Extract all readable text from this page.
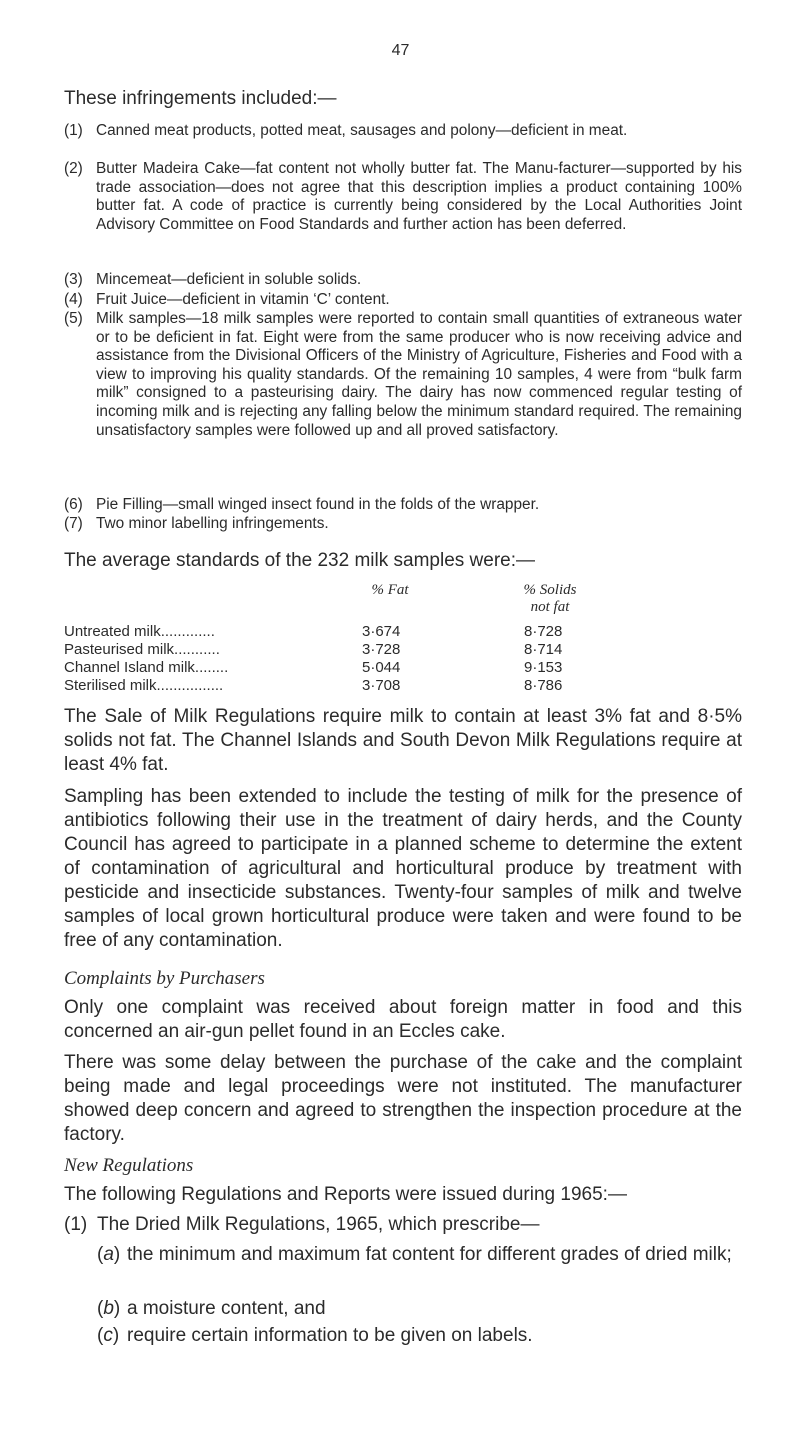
47
These infringements included:—
(1) Canned meat products, potted meat, sausages and polony—deficient in meat.
(2) Butter Madeira Cake—fat content not wholly butter fat. The Manu-facturer—supported by his trade association—does not agree that this description implies a product containing 100% butter fat. A code of practice is currently being considered by the Local Authorities Joint Advisory Committee on Food Standards and further action has been deferred.
(3) Mincemeat—deficient in soluble solids.
(4) Fruit Juice—deficient in vitamin ‘C’ content.
(5) Milk samples—18 milk samples were reported to contain small quantities of extraneous water or to be deficient in fat. Eight were from the same producer who is now receiving advice and assistance from the Divisional Officers of the Ministry of Agriculture, Fisheries and Food with a view to improving his quality standards. Of the remaining 10 samples, 4 were from “bulk farm milk” consigned to a pasteurising dairy. The dairy has now commenced regular testing of incoming milk and is rejecting any falling below the minimum standard required. The remaining unsatisfactory samples were followed up and all proved satisfactory.
(6) Pie Filling—small winged insect found in the folds of the wrapper.
(7) Two minor labelling infringements.
The average standards of the 232 milk samples were:—
% Fat	% Solids
not fat
Untreated milk.............	3·674	8·728
Pasteurised milk...........	3·728	8·714
Channel Island milk........	5·044	9·153
Sterilised milk................	3·708	8·786
The Sale of Milk Regulations require milk to contain at least 3% fat and 8·5% solids not fat. The Channel Islands and South Devon Milk Regulations require at least 4% fat.
Sampling has been extended to include the testing of milk for the presence of antibiotics following their use in the treatment of dairy herds, and the County Council has agreed to participate in a planned scheme to determine the extent of contamination of agricultural and horticultural produce by treatment with pesticide and insecticide substances. Twenty-four samples of milk and twelve samples of local grown horticultural produce were taken and were found to be free of any contamination.
Complaints by Purchasers
Only one complaint was received about foreign matter in food and this concerned an air-gun pellet found in an Eccles cake.
There was some delay between the purchase of the cake and the complaint being made and legal proceedings were not instituted. The manufacturer showed deep concern and agreed to strengthen the inspection procedure at the factory.
New Regulations
The following Regulations and Reports were issued during 1965:—
(1) The Dried Milk Regulations, 1965, which prescribe—
(a) the minimum and maximum fat content for different grades of dried milk;
(b) a moisture content, and
(c) require certain information to be given on labels.
